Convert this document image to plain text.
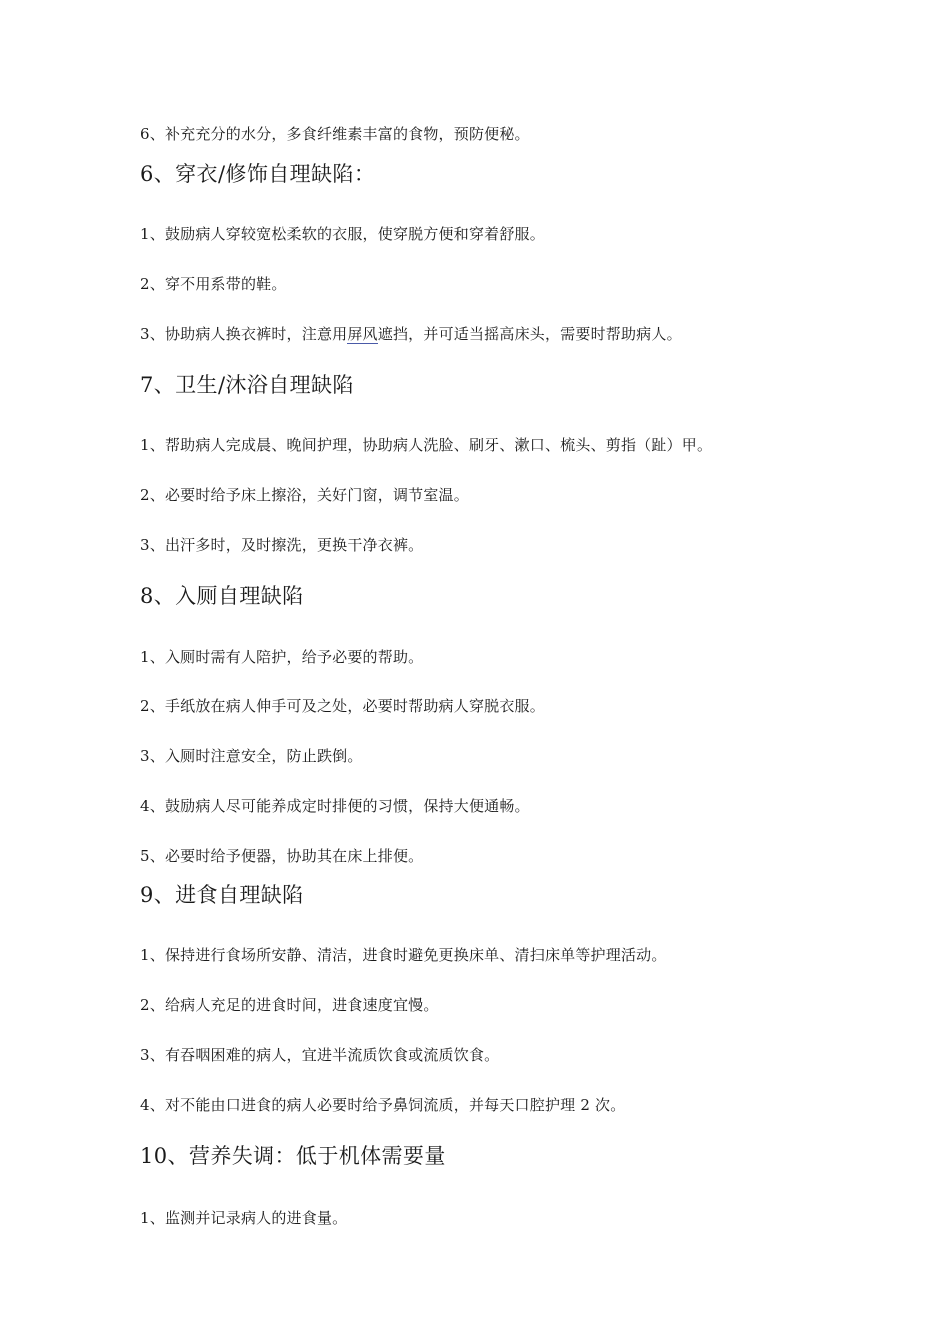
6、补充充分的水分，多食纤维素丰富的食物，预防便秘。
6、穿衣/修饰自理缺陷：
1、鼓励病人穿较宽松柔软的衣服，使穿脱方便和穿着舒服。
2、穿不用系带的鞋。
3、协助病人换衣裤时，注意用屏风遮挡，并可适当摇高床头，需要时帮助病人。
7、卫生/沐浴自理缺陷
1、帮助病人完成晨、晚间护理，协助病人洗脸、刷牙、漱口、梳头、剪指（趾）甲。
2、必要时给予床上擦浴，关好门窗，调节室温。
3、出汗多时，及时擦洗，更换干净衣裤。
8、入厕自理缺陷
1、入厕时需有人陪护，给予必要的帮助。
2、手纸放在病人伸手可及之处，必要时帮助病人穿脱衣服。
3、入厕时注意安全，防止跌倒。
4、鼓励病人尽可能养成定时排便的习惯，保持大便通畅。
5、必要时给予便器，协助其在床上排便。
9、进食自理缺陷
1、保持进行食场所安静、清洁，进食时避免更换床单、清扫床单等护理活动。
2、给病人充足的进食时间，进食速度宜慢。
3、有吞咽困难的病人，宜进半流质饮食或流质饮食。
4、对不能由口进食的病人必要时给予鼻饲流质，并每天口腔护理 2 次。
10、营养失调：低于机体需要量
1、监测并记录病人的进食量。
